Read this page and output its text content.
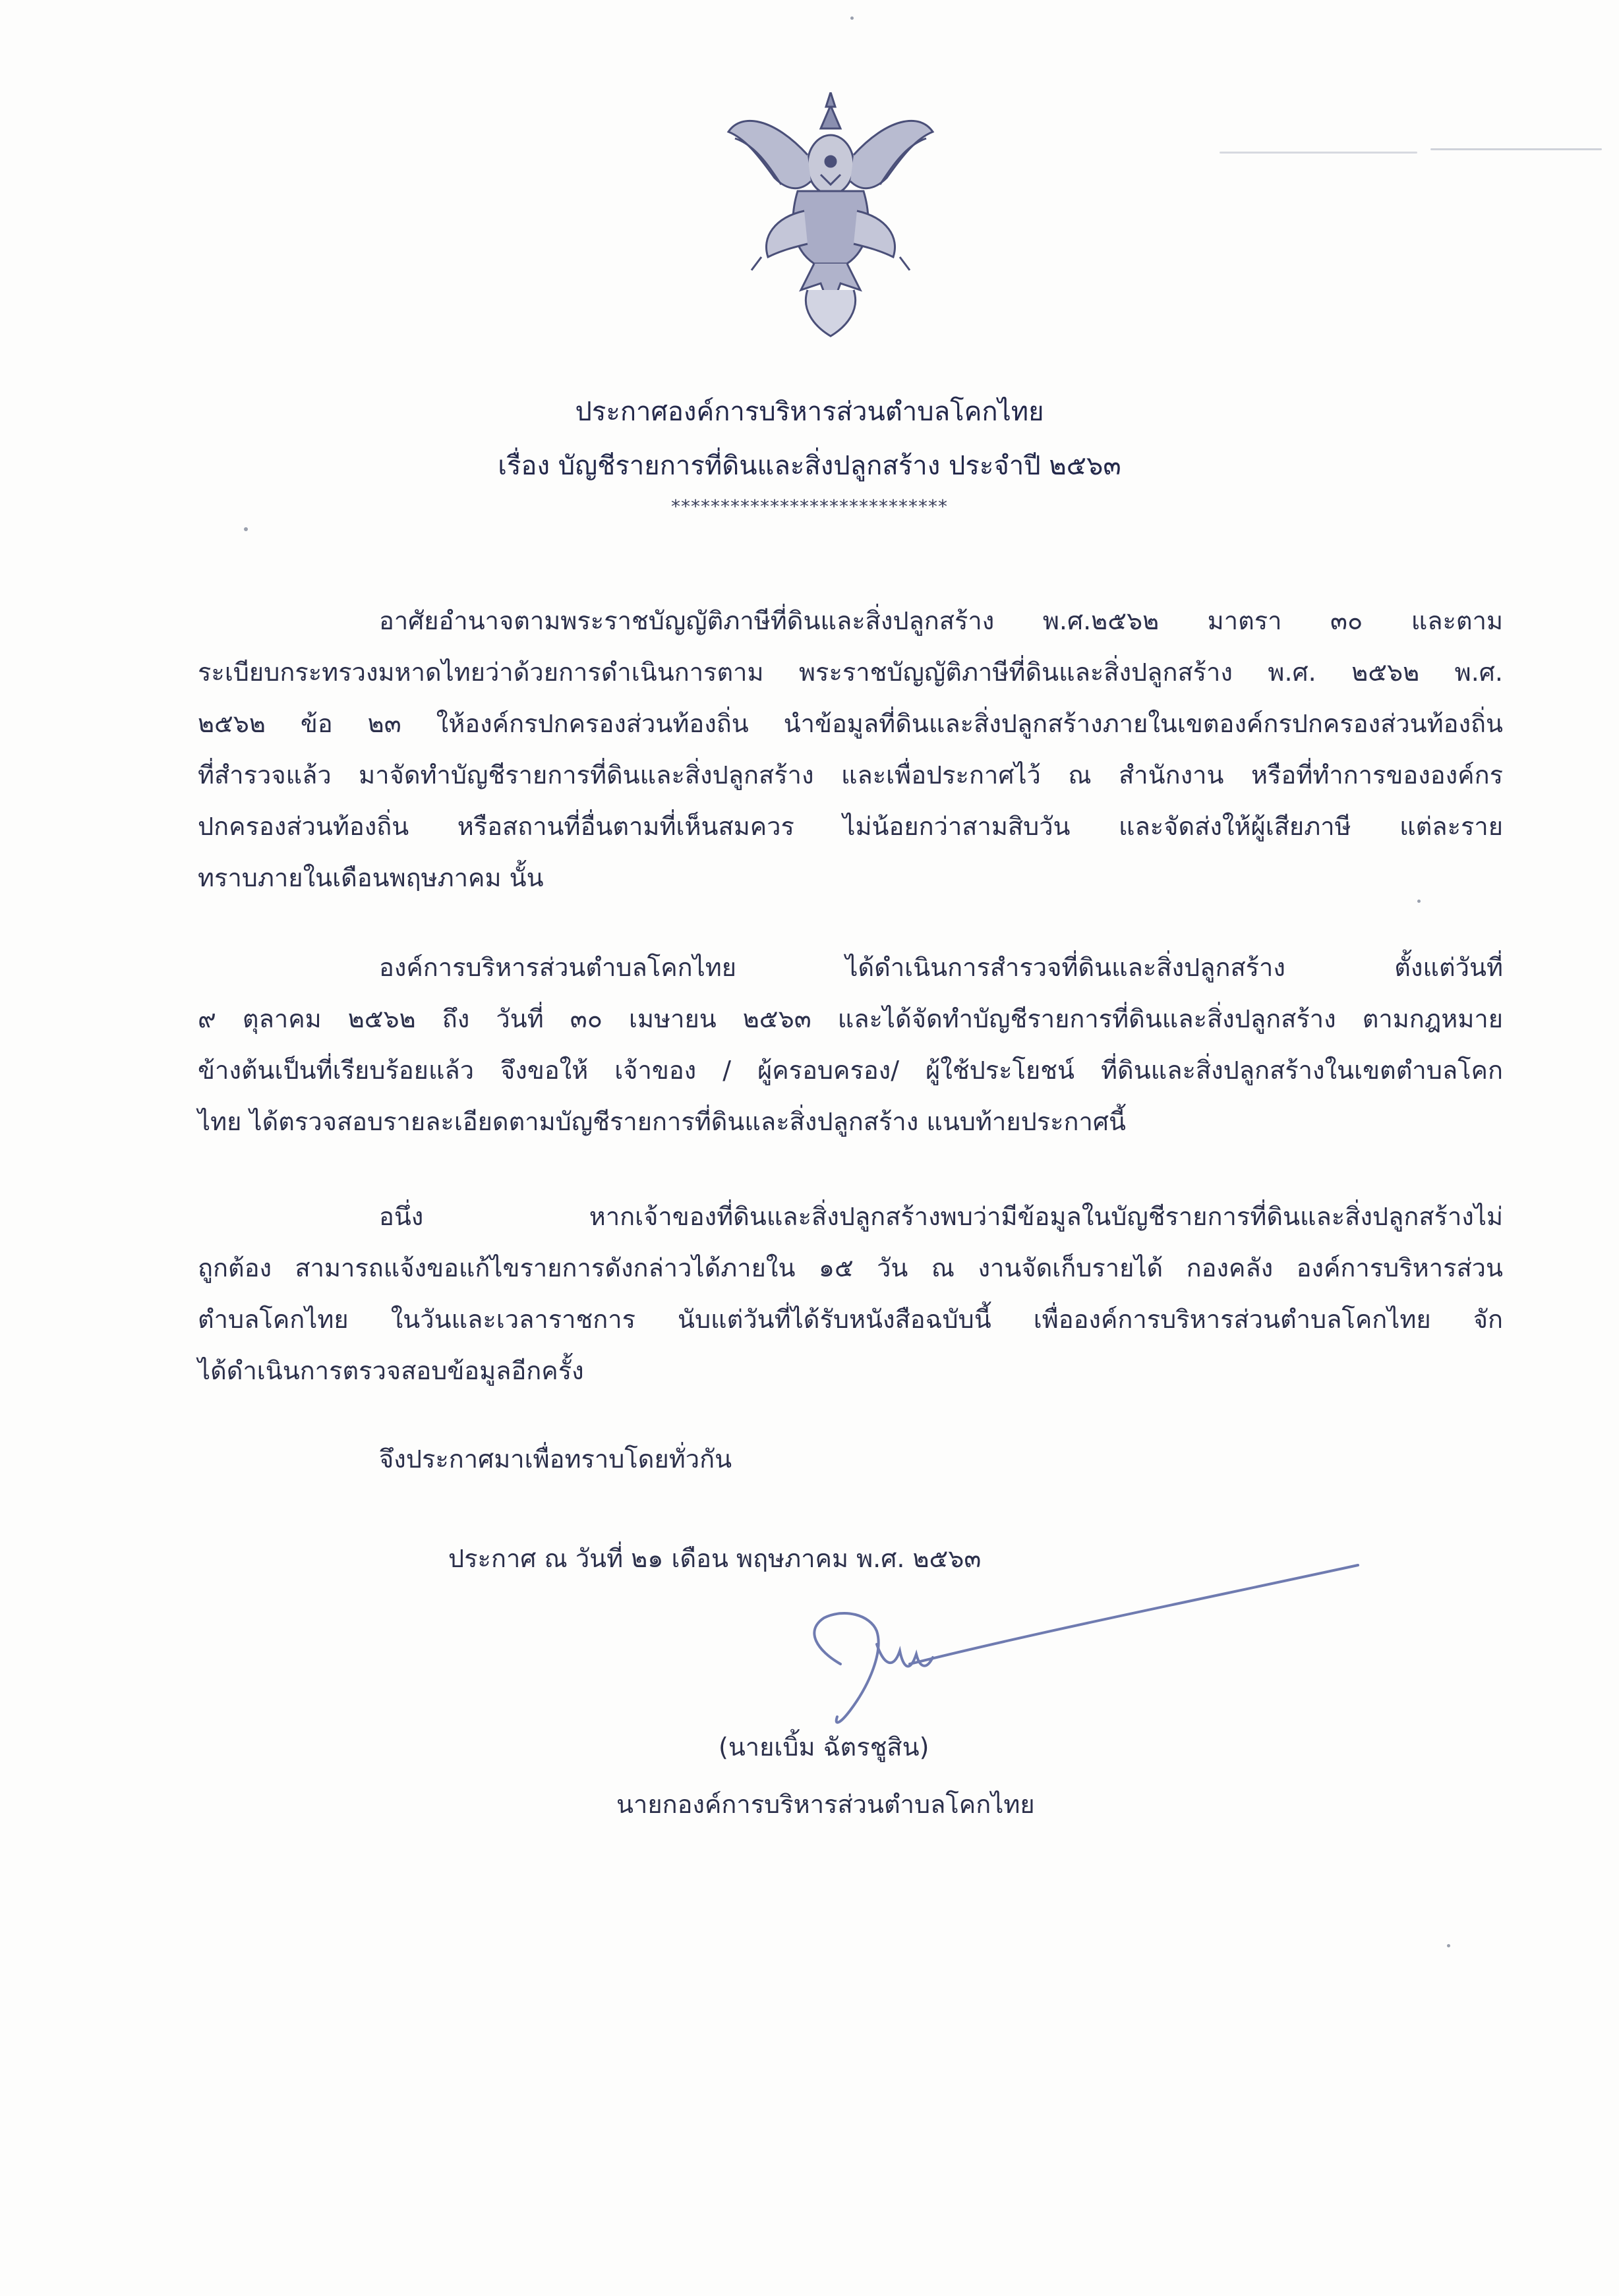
ประกาศองค์การบริหารส่วนตำบลโคกไทย
เรื่อง บัญชีรายการที่ดินและสิ่งปลูกสร้าง ประจำปี ๒๕๖๓
****************************
อาศัยอำนาจตามพระราชบัญญัติภาษีที่ดินและสิ่งปลูกสร้าง พ.ศ.๒๕๖๒ มาตรา ๓๐ และตาม
ระเบียบกระทรวงมหาดไทยว่าด้วยการดำเนินการตาม พระราชบัญญัติภาษีที่ดินและสิ่งปลูกสร้าง พ.ศ. ๒๕๖๒ พ.ศ.
๒๕๖๒ ข้อ ๒๓ ให้องค์กรปกครองส่วนท้องถิ่น นำข้อมูลที่ดินและสิ่งปลูกสร้างภายในเขตองค์กรปกครองส่วนท้องถิ่น
ที่สำรวจแล้ว มาจัดทำบัญชีรายการที่ดินและสิ่งปลูกสร้าง และเพื่อประกาศไว้ ณ สำนักงาน หรือที่ทำการขององค์กร
ปกครองส่วนท้องถิ่น หรือสถานที่อื่นตามที่เห็นสมควร ไม่น้อยกว่าสามสิบวัน และจัดส่งให้ผู้เสียภาษี แต่ละราย
ทราบภายในเดือนพฤษภาคม นั้น
องค์การบริหารส่วนตำบลโคกไทย ได้ดำเนินการสำรวจที่ดินและสิ่งปลูกสร้าง ตั้งแต่วันที่
๙ ตุลาคม ๒๕๖๒ ถึง วันที่ ๓๐ เมษายน ๒๕๖๓ และได้จัดทำบัญชีรายการที่ดินและสิ่งปลูกสร้าง ตามกฎหมาย
ข้างต้นเป็นที่เรียบร้อยแล้ว จึงขอให้ เจ้าของ / ผู้ครอบครอง/ ผู้ใช้ประโยชน์ ที่ดินและสิ่งปลูกสร้างในเขตตำบลโคก
ไทย ได้ตรวจสอบรายละเอียดตามบัญชีรายการที่ดินและสิ่งปลูกสร้าง แนบท้ายประกาศนี้
อนึ่ง หากเจ้าของที่ดินและสิ่งปลูกสร้างพบว่ามีข้อมูลในบัญชีรายการที่ดินและสิ่งปลูกสร้างไม่
ถูกต้อง สามารถแจ้งขอแก้ไขรายการดังกล่าวได้ภายใน ๑๕ วัน ณ งานจัดเก็บรายได้ กองคลัง องค์การบริหารส่วน
ตำบลโคกไทย ในวันและเวลาราชการ นับแต่วันที่ได้รับหนังสือฉบับนี้ เพื่อองค์การบริหารส่วนตำบลโคกไทย จัก
ได้ดำเนินการตรวจสอบข้อมูลอีกครั้ง
จึงประกาศมาเพื่อทราบโดยทั่วกัน
ประกาศ ณ วันที่ ๒๑ เดือน พฤษภาคม พ.ศ. ๒๕๖๓
(นายเบิ้ม ฉัตรชูสิน)
นายกองค์การบริหารส่วนตำบลโคกไทย
